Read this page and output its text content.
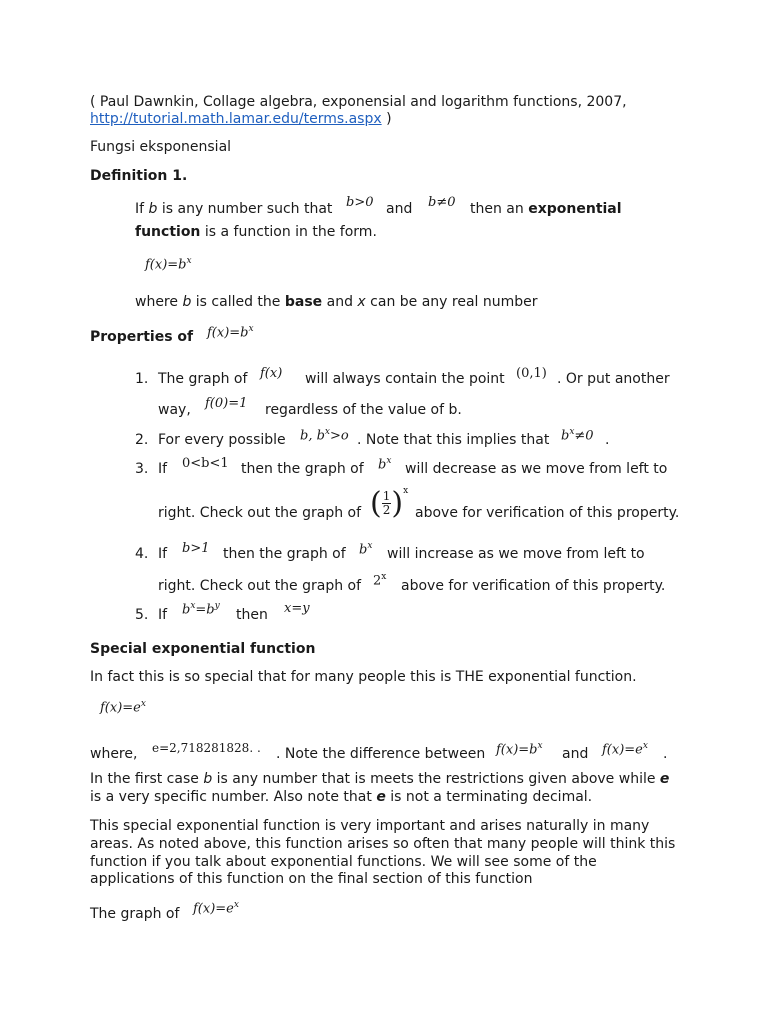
( Paul Dawnkin, Collage algebra, exponensial and logarithm functions, 2007,
http://tutorial.math.lamar.edu/terms.aspx )
Fungsi eksponensial
Definition 1.
If b is any number such that b>0 and b≠0 then an exponential
function is a function in the form.
$f(x)=b^x$
where b is called the base and x can be any real number
Properties of $f(x)=b^x$
1. The graph of f(x) will always contain the point (0,1) . Or put another
way, f(0)=1 regardless of the value of b.
2. For every possible b, $b^x>o$ . Note that this implies that $b^x\ne 0$ .
3. If 0<b<1 then the graph of $b^x$ will decrease as we move from left to
right. Check out the graph of ( $\frac{1}{2} )^x$
above for verification of this property.
4. If b>1 then the graph of $b^x$ will increase as we move from left to
right. Check out the graph of 2$^x$
above for verification of this property.
5. If $b^x=b^y$
then x=y
Special exponential function
In fact this is so special that for many people this is THE exponential function.
$f(x)=e^x$
where, e=2,718281828. . . Note the difference between $f(x)=b^x$ and $f(x)=e^x$ .
In the first case b is any number that is meets the restrictions given above while e
is a very specific number. Also note that e is not a terminating decimal.
This special exponential function is very important and arises naturally in many
areas. As noted above, this function arises so often that many people will think this
function if you talk about exponential functions. We will see some of the
applications of this function on the final section of this function
The graph of $f(x)=e^x$
